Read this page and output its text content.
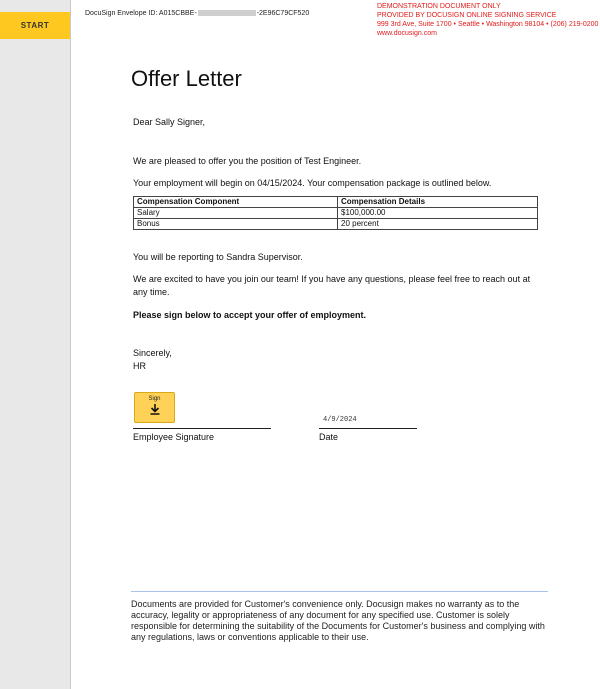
START
DocuSign Envelope ID: A015CBBE-	-2E96C79CF520
DEMONSTRATION DOCUMENT ONLY
PROVIDED BY DOCUSIGN ONLINE SIGNING SERVICE
999 3rd Ave, Suite 1700 • Seattle • Washington 98104 • (206) 219-0200
www.docusign.com
Offer Letter
Dear Sally Signer,
We are pleased to offer you the position of Test Engineer.
Your employment will begin on 04/15/2024. Your compensation package is outlined below.
Compensation Component	Compensation Details
Salary	$100,000.00
Bonus	20 percent
You will be reporting to Sandra Supervisor.
We are excited to have you join our team! If you have any questions, please feel free to reach out at any time.
Please sign below to accept your offer of employment.
Sincerely,
HR
Sign
4/9/2024
Employee Signature	Date
Documents are provided for Customer's convenience only. Docusign makes no warranty as to the accuracy, legality or appropriateness of any document for any specified use. Customer is solely responsible for determining the suitability of the Documents for Customer's business and complying with any regulations, laws or conventions applicable to their use.
